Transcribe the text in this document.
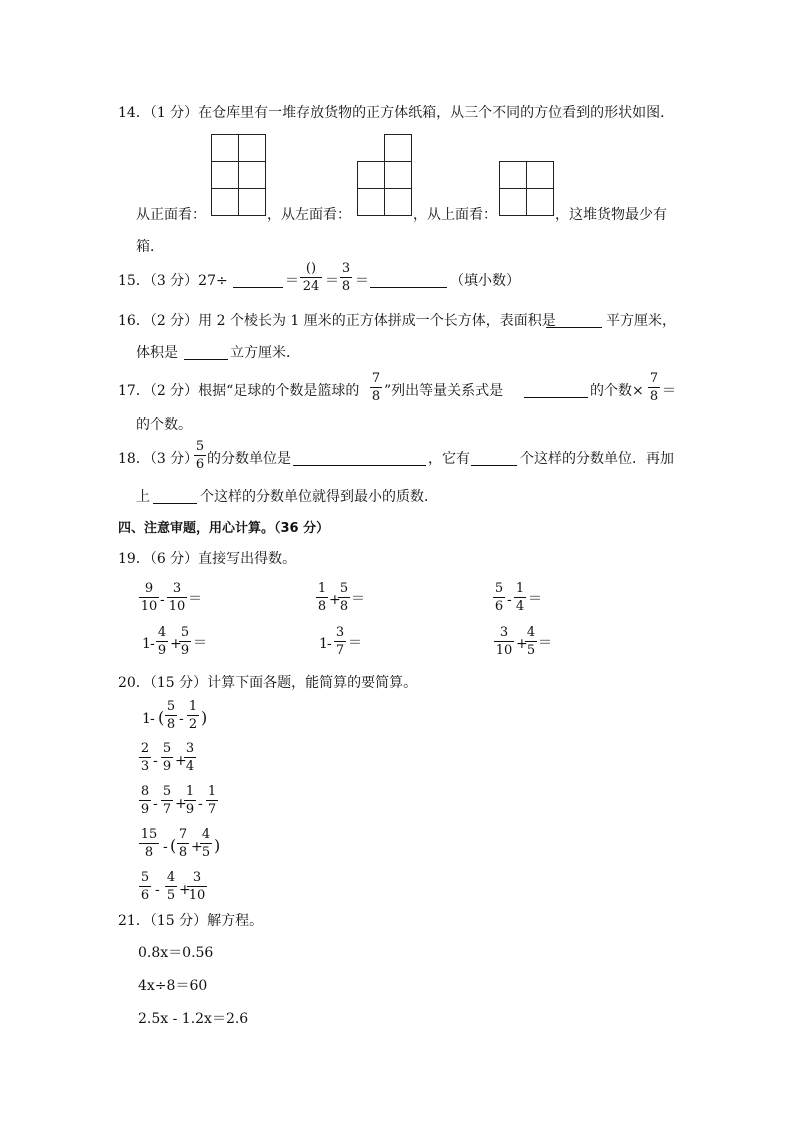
14．（1 分）在仓库里有一堆存放货物的正方体纸箱，从三个不同的方位看到的形状如图．
从正面看：	，从左面看：	，从上面看：	，这堆货物最少有
箱．
15．（3 分）27÷	＝
()
24 ＝
3
8 ＝	（填小数）
16．（2 分）用 2 个棱长为 1 厘米的正方体拼成一个长方体，表面积是	平方厘米，
体积是	立方厘米．
17．（2 分）根据“足球的个数是篮球的
7
8 ”列出等量关系式是	的个数×
7
8 ＝
的个数。
18．（3 分）
5
6 的分数单位是	，它有	个这样的分数单位．再加
上	个这样的分数单位就得到最小的质数．
四、注意审题，用心计算。（36 分）
19．（6 分）直接写出得数。
9
10 -
3
10 ＝
1
8 +
5
8 ＝
5
6 -
1
4 ＝
1 -
4
9 +
5
9 ＝	1 -
3
7 ＝
3
10 +
4
5 ＝
20．（15 分）计算下面各题，能简算的要简算。
1 - (
5
8 -
1
2 )
2
3 -
5
9 +
3
4
8
9 -
5
7 +
1
9 -
1
7
15
8 - (
7
8 +
4
5 )
5
6 -
4
5 +
3
10
21．（15 分）解方程。
0.8x＝0.56
4x÷8＝60
2.5x - 1.2x＝2.6
